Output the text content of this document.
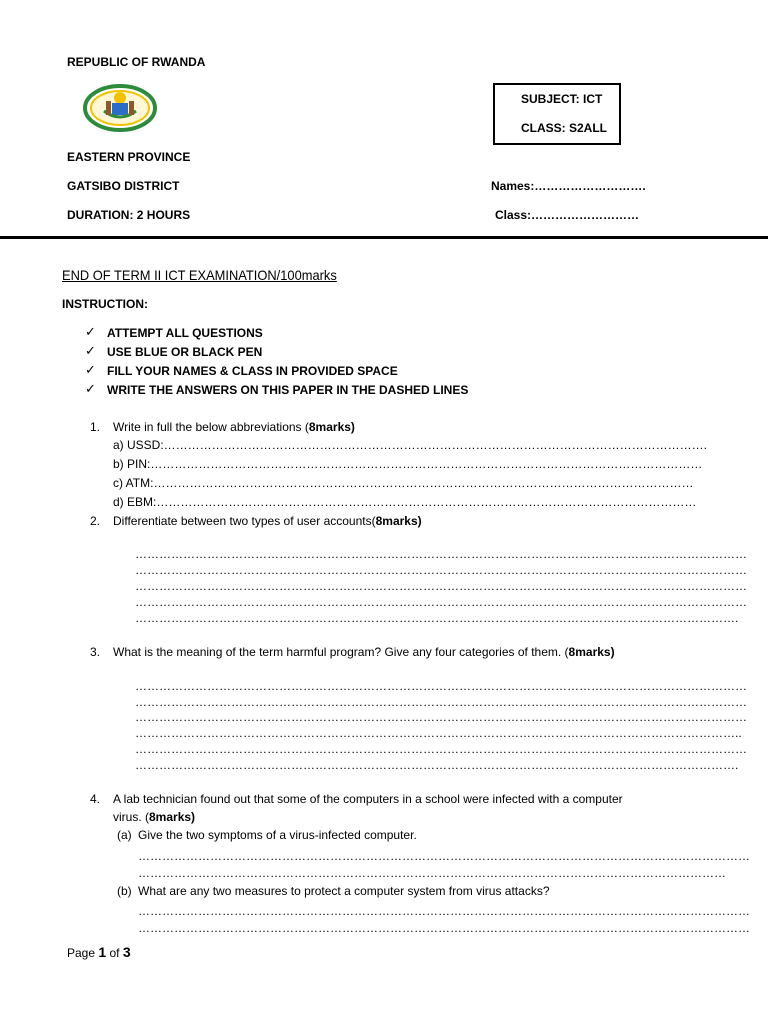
REPUBLIC OF RWANDA
EASTERN PROVINCE
GATSIBO DISTRICT
DURATION: 2 HOURS
SUBJECT: ICT
CLASS: S2ALL
Names:……………………….
Class:………………………
END OF TERM II ICT EXAMINATION/100marks
INSTRUCTION:
✓ ATTEMPT ALL QUESTIONS
✓ USE BLUE OR BLACK PEN
✓ FILL YOUR NAMES & CLASS IN PROVIDED SPACE
✓ WRITE THE ANSWERS ON THIS PAPER IN THE DASHED LINES
1. Write in full the below abbreviations (8marks)
a) USSD:……………………………………………………………………………………………………………………….
b) PIN:…………………………………………………………………………………………………………………………
c) ATM:………………………………………………………………………………………………………………………
d) EBM:………………………………………………………………………………………………………………………
2. Differentiate between two types of user accounts(8marks)
………………………………………………………………………………………………………………………………………
………………………………………………………………………………………………………………………………………
………………………………………………………………………………………………………………………………………
………………………………………………………………………………………………………………………………………
…………………………………………………………………………………………………………………………………….
3. What is the meaning of the term harmful program? Give any four categories of them. (8marks)
………………………………………………………………………………………………………………………………………
………………………………………………………………………………………………………………………………………
………………………………………………………………………………………………………………………………………
……………………………………………………………………………………………………………………………………..
………………………………………………………………………………………………………………………………………
…………………………………………………………………………………………………………………………………….
4. A lab technician found out that some of the computers in a school were infected with a computer
virus. (8marks)
(a) Give the two symptoms of a virus-infected computer.
………………………………………………………………………………………………………………………………………
…………………………………………………………………………………………………………………………………
(b) What are any two measures to protect a computer system from virus attacks?
………………………………………………………………………………………………………………………………………
………………………………………………………………………………………………………………………………………
Page 1 of 3
